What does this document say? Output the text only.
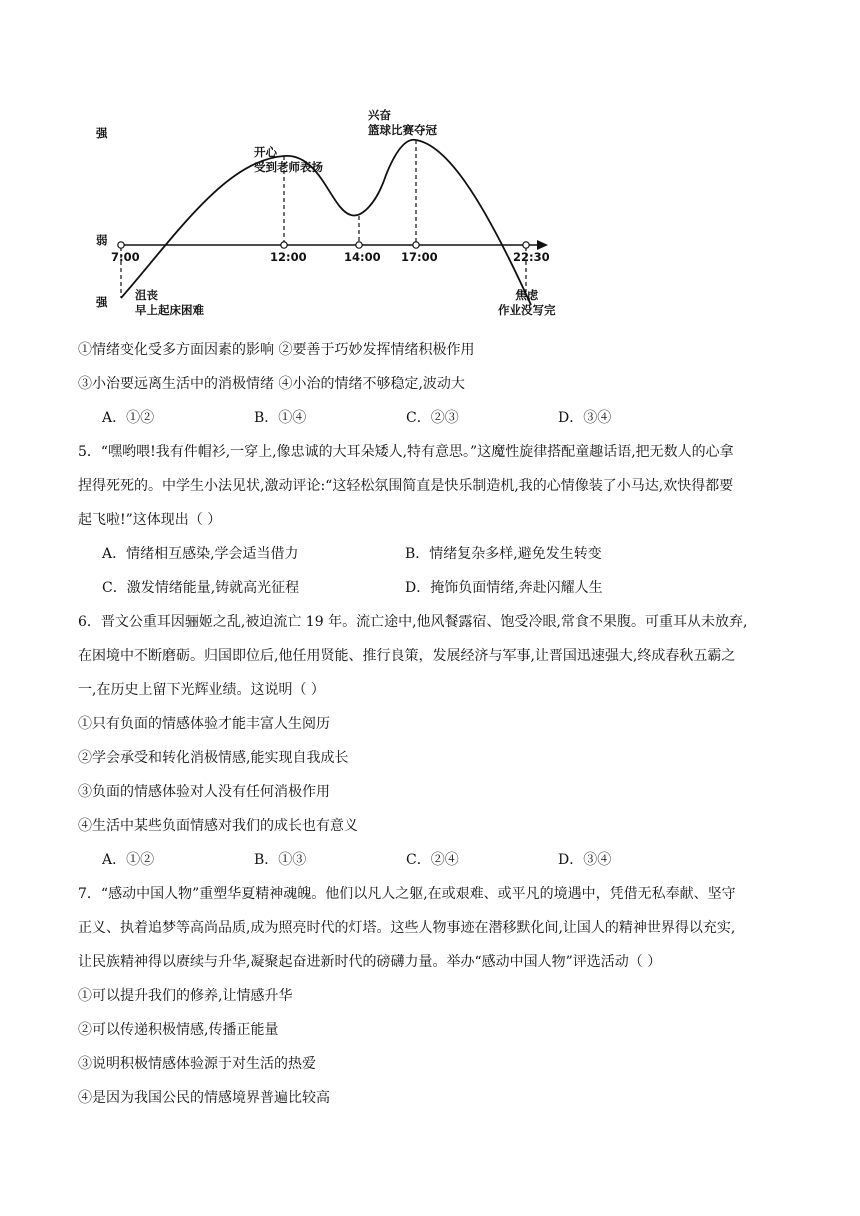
强
弱
强
7:00	12:00	14:00 17:00	22:30
沮丧
早上起床困难
开心
受到老师表扬
兴奋
篮球比赛夺冠
焦虑
作业没写完
①情绪变化受多方面因素的影响 ②要善于巧妙发挥情绪积极作用
③小治要远离生活中的消极情绪 ④小治的情绪不够稳定,波动大
A．①②	B．①④	C．②③	D．③④
5．“嘿哟喂!我有件帽衫,一穿上,像忠诚的大耳朵矮人,特有意思。”这魔性旋律搭配童趣话语,把无数人的心拿
捏得死死的。中学生小法见状,激动评论:“这轻松氛围简直是快乐制造机,我的心情像装了小马达,欢快得都要
起飞啦!”这体现出（ ）
A．情绪相互感染,学会适当借力	B．情绪复杂多样,避免发生转变
C．激发情绪能量,铸就高光征程	D．掩饰负面情绪,奔赴闪耀人生
6．晋文公重耳因骊姬之乱,被迫流亡 19 年。流亡途中,他风餐露宿、饱受冷眼,常食不果腹。可重耳从未放弃,
在困境中不断磨砺。归国即位后,他任用贤能、推行良策，发展经济与军事,让晋国迅速强大,终成春秋五霸之
一,在历史上留下光辉业绩。这说明（ ）
①只有负面的情感体验才能丰富人生阅历
②学会承受和转化消极情感,能实现自我成长
③负面的情感体验对人没有任何消极作用
④生活中某些负面情感对我们的成长也有意义
A．①②	B．①③	C．②④	D．③④
7．“感动中国人物”重塑华夏精神魂魄。他们以凡人之躯,在或艰难、或平凡的境遇中，凭借无私奉献、坚守
正义、执着追梦等高尚品质,成为照亮时代的灯塔。这些人物事迹在潜移默化间,让国人的精神世界得以充实,
让民族精神得以赓续与升华,凝聚起奋进新时代的磅礴力量。举办“感动中国人物”评选活动（ ）
①可以提升我们的修养,让情感升华
②可以传递积极情感,传播正能量
③说明积极情感体验源于对生活的热爱
④是因为我国公民的情感境界普遍比较高
